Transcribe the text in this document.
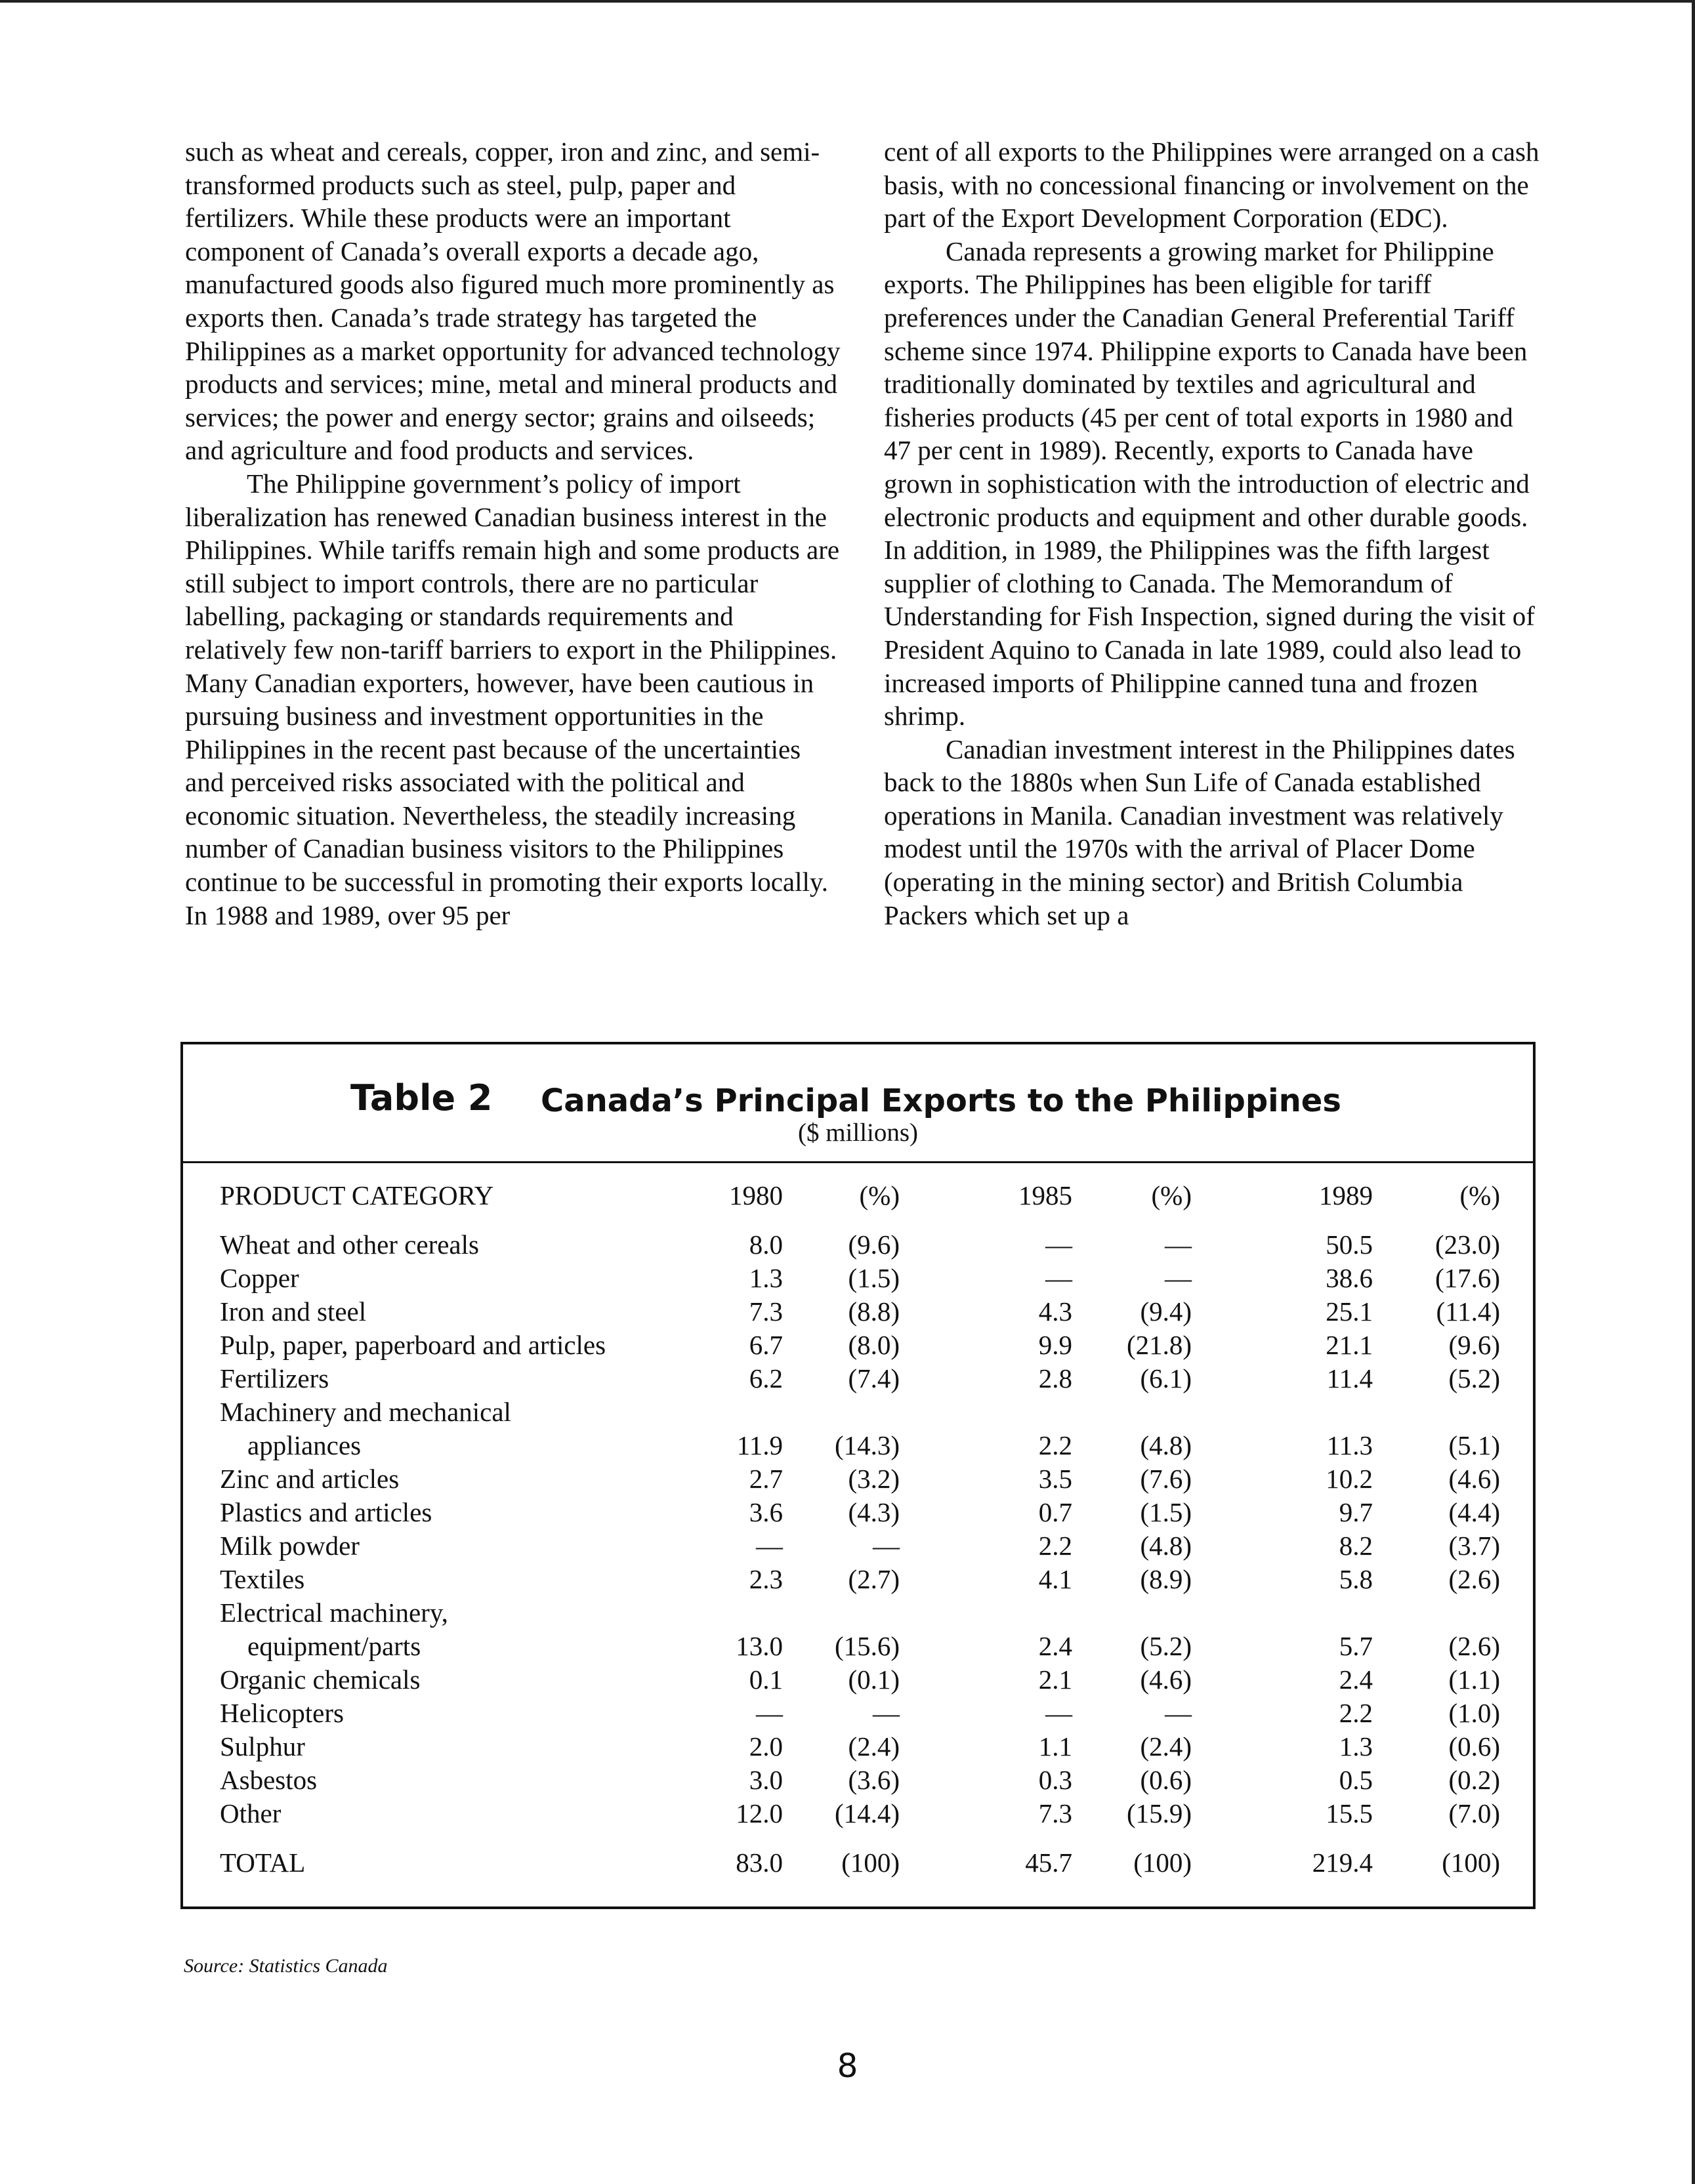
such as wheat and cereals, copper, iron and zinc, and semi-transformed products such as steel, pulp, paper and fertilizers. While these products were an important component of Canada’s overall exports a decade ago, manufactured goods also figured much more prominently as exports then. Canada’s trade strategy has targeted the Philippines as a market opportunity for advanced technology products and services; mine, metal and mineral products and services; the power and energy sector; grains and oilseeds; and agriculture and food products and services.

The Philippine government’s policy of import liberalization has renewed Canadian business interest in the Philippines. While tariffs remain high and some products are still subject to import controls, there are no particular labelling, packaging or standards requirements and relatively few non-tariff barriers to export in the Philippines. Many Canadian exporters, however, have been cautious in pursuing business and investment opportunities in the Philippines in the recent past because of the uncertainties and perceived risks associated with the political and economic situation. Nevertheless, the steadily increasing number of Canadian business visitors to the Philippines continue to be successful in promoting their exports locally. In 1988 and 1989, over 95 per

cent of all exports to the Philippines were arranged on a cash basis, with no concessional financing or involvement on the part of the Export Development Corporation (EDC).

Canada represents a growing market for Philippine exports. The Philippines has been eligible for tariff preferences under the Canadian General Preferential Tariff scheme since 1974. Philippine exports to Canada have been traditionally dominated by textiles and agricultural and fisheries products (45 per cent of total exports in 1980 and 47 per cent in 1989). Recently, exports to Canada have grown in sophistication with the introduction of electric and electronic products and equipment and other durable goods. In addition, in 1989, the Philippines was the fifth largest supplier of clothing to Canada. The Memorandum of Understanding for Fish Inspection, signed during the visit of President Aquino to Canada in late 1989, could also lead to increased imports of Philippine canned tuna and frozen shrimp.

Canadian investment interest in the Philippines dates back to the 1880s when Sun Life of Canada established operations in Manila. Canadian investment was relatively modest until the 1970s with the arrival of Placer Dome (operating in the mining sector) and British Columbia Packers which set up a

Table 2 Canada’s Principal Exports to the Philippines
($ millions)
PRODUCT CATEGORY	1980	(%)	1985	(%)	1989	(%)
Wheat and other cereals	8.0 (9.6)	—	—	50.5 (23.0)
Copper	1.3 (1.5)	—	—	38.6 (17.6)
Iron and steel	7.3 (8.8)	4.3	(9.4)	25.1 (11.4)
Pulp, paper, paperboard and articles	6.7 (8.0)	9.9 (21.8)	21.1	(9.6)
Fertilizers	6.2 (7.4)	2.8	(6.1)	11.4	(5.2)
Machinery and mechanical
appliances	11.9 (14.3)	2.2	(4.8)	11.3	(5.1)
Zinc and articles	2.7 (3.2)	3.5	(7.6)	10.2	(4.6)
Plastics and articles	3.6 (4.3)	0.7	(1.5)	9.7	(4.4)
Milk powder	—	—	2.2	(4.8)	8.2	(3.7)
Textiles	2.3 (2.7)	4.1	(8.9)	5.8	(2.6)
Electrical machinery,
equipment/parts	13.0 (15.6)	2.4	(5.2)	5.7	(2.6)
Organic chemicals	0.1 (0.1)	2.1	(4.6)	2.4	(1.1)
Helicopters	—	—	—	—	2.2	(1.0)
Sulphur	2.0 (2.4)	1.1	(2.4)	1.3	(0.6)
Asbestos	3.0 (3.6)	0.3	(0.6)	0.5	(0.2)
Other	12.0 (14.4)	7.3 (15.9)	15.5	(7.0)
TOTAL	83.0 (100)	45.7 (100)	219.4	(100)
Source: Statistics Canada
8
